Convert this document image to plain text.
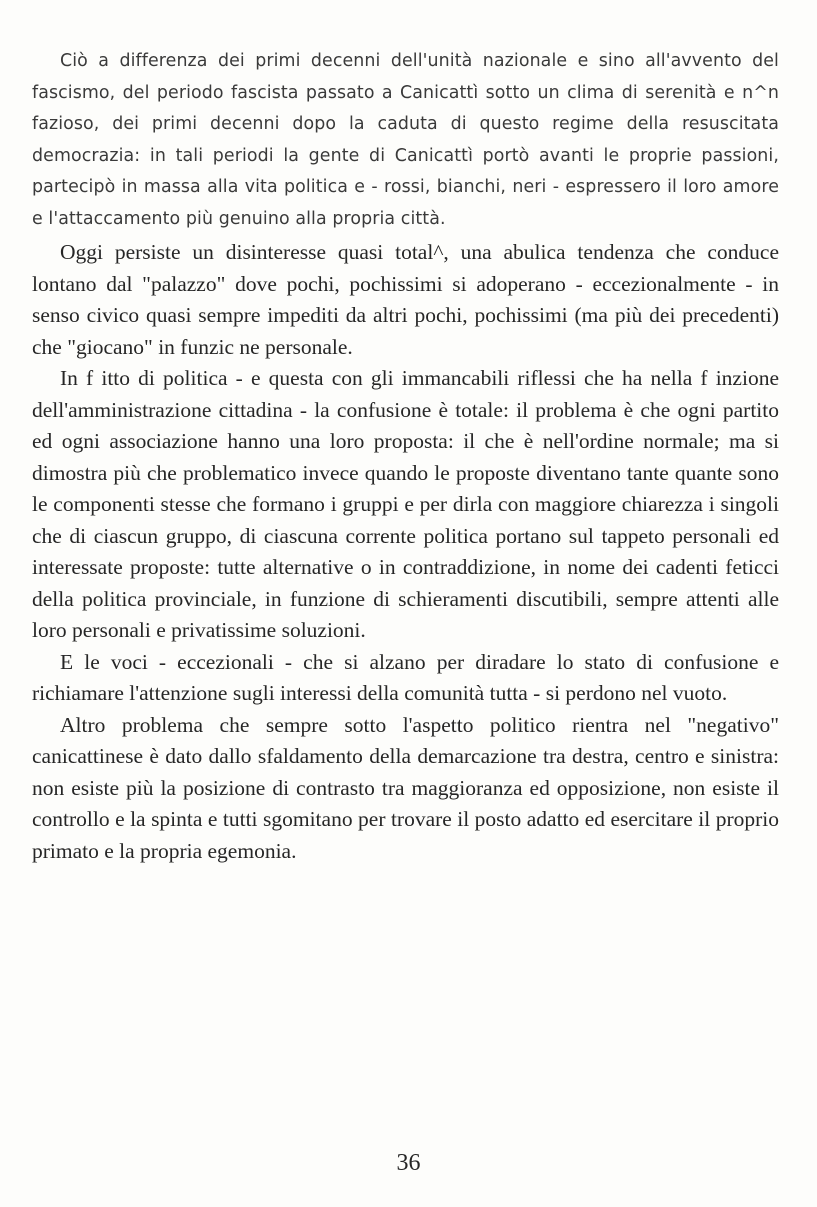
Ciò a differenza dei primi decenni dell'unità nazionale e sino all'avvento del fascismo, del periodo fascista passato a Canicattì sotto un clima di serenità e n^n fazioso, dei primi decenni dopo la caduta di questo regime della resuscitata democrazia: in tali periodi la gente di Canicattì portò avanti le proprie passioni, partecipò in massa alla vita politica e - rossi, bianchi, neri - espressero il loro amore e l'attaccamento più genuino alla propria città.

Oggi persiste un disinteresse quasi total^, una abulica tendenza che conduce lontano dal "palazzo" dove pochi, pochissimi si adoperano - eccezionalmente - in senso civico quasi sempre impediti da altri pochi, pochissimi (ma più dei precedenti) che "giocano" in funzic ne personale.

In f itto di politica - e questa con gli immancabili riflessi che ha nella f inzione dell'amministrazione cittadina - la confusione è totale: il problema è che ogni partito ed ogni associazione hanno una loro proposta: il che è nell'ordine normale; ma si dimostra più che problematico invece quando le proposte diventano tante quante sono le componenti stesse che formano i gruppi e per dirla con maggiore chiarezza i singoli che di ciascun gruppo, di ciascuna corrente politica portano sul tappeto personali ed interessate proposte: tutte alternative o in contraddizione, in nome dei cadenti feticci della politica provinciale, in funzione di schieramenti discutibili, sempre attenti alle loro personali e privatissime soluzioni.

E le voci - eccezionali - che si alzano per diradare lo stato di confusione e richiamare l'attenzione sugli interessi della comunità tutta - si perdono nel vuoto.

Altro problema che sempre sotto l'aspetto politico rientra nel "negativo" canicattinese è dato dallo sfaldamento della demarcazione tra destra, centro e sinistra: non esiste più la posizione di contrasto tra maggioranza ed opposizione, non esiste il controllo e la spinta e tutti sgomitano per trovare il posto adatto ed esercitare il proprio primato e la propria egemonia.

36
